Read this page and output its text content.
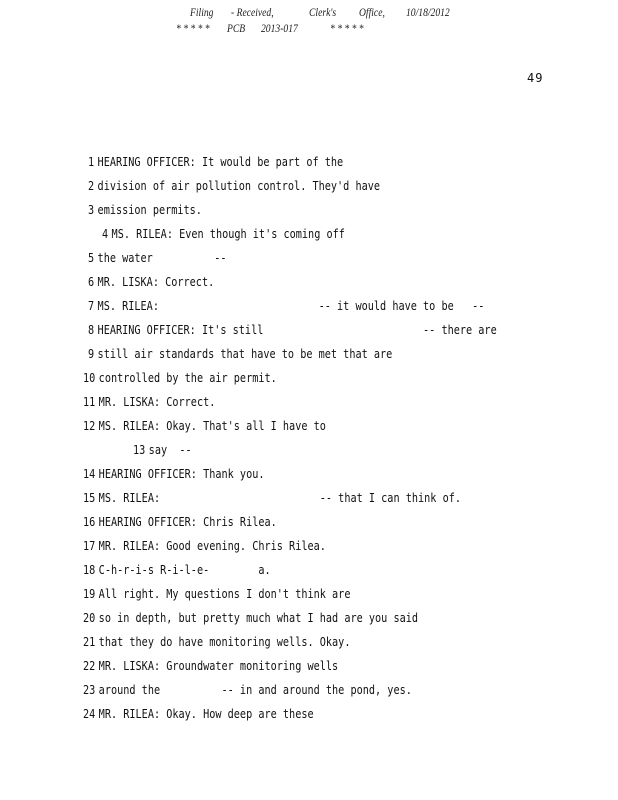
Filing - Received,	Clerk's Office, 10/18/2012
* * * * * PCB 2013-017	* * * * *
49
1 HEARING OFFICER: It would be part of the
2 division of air pollution control. They'd have
3 emission permits.
4 MS. RILEA: Even though it's coming off
5 the water          --
6 MR. LISKA: Correct.
7 MS. RILEA:                          -- it would have to be   --
8 HEARING OFFICER: It's still                          -- there are
9 still air standards that have to be met that are
10 controlled by the air permit.
11 MR. LISKA: Correct.
12 MS. RILEA: Okay. That's all I have to
13 say  --
14 HEARING OFFICER: Thank you.
15 MS. RILEA:                          -- that I can think of.
16 HEARING OFFICER: Chris Rilea.
17 MR. RILEA: Good evening. Chris Rilea.
18 C-h-r-i-s R-i-l-e-        a.
19 All right. My questions I don't think are
20 so in depth, but pretty much what I had are you said
21 that they do have monitoring wells. Okay.
22 MR. LISKA: Groundwater monitoring wells
23 around the          -- in and around the pond, yes.
24 MR. RILEA: Okay. How deep are these
